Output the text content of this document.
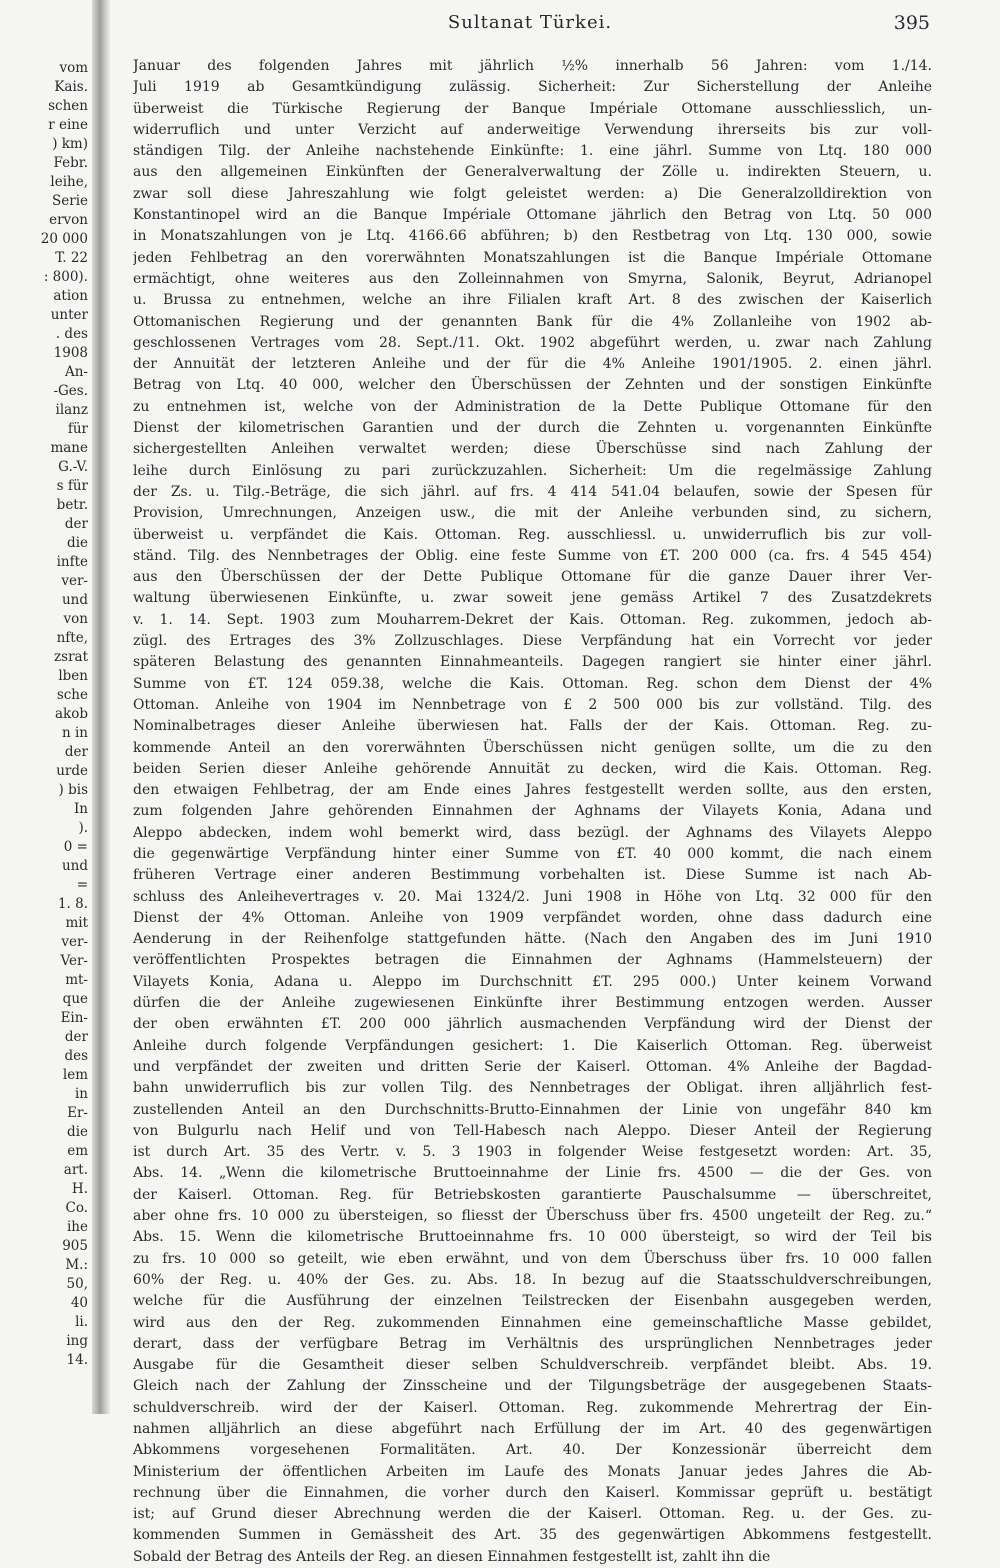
vom
Kais.
schen
r eine
) km)
Febr.
leihe,
Serie
ervon
20 000
T. 22
: 800).
ation
unter
. des
1908
An-
-Ges.
ilanz
für
mane
G.-V.
s für
betr.
der
die
infte
ver-
und
von
nfte,
zsrat
lben
sche
akob
n in
der
urde
) bis
In
).
0 =
und
=
1. 8.
mit
ver-
Ver-
mt-
que
Ein-
der
des
lem
in
Er-
die
em
art.
H.
Co.
ihe
905
M.:
50,
40
li.
ing
14.
Sultanat Türkei.	395
Januar des folgenden Jahres mit jährlich ½% innerhalb 56 Jahren: vom 1./14.
Juli 1919 ab Gesamtkündigung zulässig. Sicherheit: Zur Sicherstellung der Anleihe
überweist die Türkische Regierung der Banque Impériale Ottomane ausschliesslich, un-
widerruflich und unter Verzicht auf anderweitige Verwendung ihrerseits bis zur voll-
ständigen Tilg. der Anleihe nachstehende Einkünfte: 1. eine jährl. Summe von Ltq. 180 000
aus den allgemeinen Einkünften der Generalverwaltung der Zölle u. indirekten Steuern, u.
zwar soll diese Jahreszahlung wie folgt geleistet werden: a) Die Generalzolldirektion von
Konstantinopel wird an die Banque Impériale Ottomane jährlich den Betrag von Ltq. 50 000
in Monatszahlungen von je Ltq. 4166.66 abführen; b) den Restbetrag von Ltq. 130 000, sowie
jeden Fehlbetrag an den vorerwähnten Monatszahlungen ist die Banque Impériale Ottomane
ermächtigt, ohne weiteres aus den Zolleinnahmen von Smyrna, Salonik, Beyrut, Adrianopel
u. Brussa zu entnehmen, welche an ihre Filialen kraft Art. 8 des zwischen der Kaiserlich
Ottomanischen Regierung und der genannten Bank für die 4% Zollanleihe von 1902 ab-
geschlossenen Vertrages vom 28. Sept./11. Okt. 1902 abgeführt werden, u. zwar nach Zahlung
der Annuität der letzteren Anleihe und der für die 4% Anleihe 1901/1905. 2. einen jährl.
Betrag von Ltq. 40 000, welcher den Überschüssen der Zehnten und der sonstigen Einkünfte
zu entnehmen ist, welche von der Administration de la Dette Publique Ottomane für den
Dienst der kilometrischen Garantien und der durch die Zehnten u. vorgenannten Einkünfte
sichergestellten Anleihen verwaltet werden; diese Überschüsse sind nach Zahlung der
leihe durch Einlösung zu pari zurückzuzahlen. Sicherheit: Um die regelmässige Zahlung
der Zs. u. Tilg.-Beträge, die sich jährl. auf frs. 4 414 541.04 belaufen, sowie der Spesen für
Provision, Umrechnungen, Anzeigen usw., die mit der Anleihe verbunden sind, zu sichern,
überweist u. verpfändet die Kais. Ottoman. Reg. ausschliessl. u. unwiderruflich bis zur voll-
ständ. Tilg. des Nennbetrages der Oblig. eine feste Summe von £T. 200 000 (ca. frs. 4 545 454)
aus den Überschüssen der der Dette Publique Ottomane für die ganze Dauer ihrer Ver-
waltung überwiesenen Einkünfte, u. zwar soweit jene gemäss Artikel 7 des Zusatzdekrets
v. 1. 14. Sept. 1903 zum Mouharrem-Dekret der Kais. Ottoman. Reg. zukommen, jedoch ab-
zügl. des Ertrages des 3% Zollzuschlages. Diese Verpfändung hat ein Vorrecht vor jeder
späteren Belastung des genannten Einnahmeanteils. Dagegen rangiert sie hinter einer jährl.
Summe von £T. 124 059.38, welche die Kais. Ottoman. Reg. schon dem Dienst der 4%
Ottoman. Anleihe von 1904 im Nennbetrage von £ 2 500 000 bis zur vollständ. Tilg. des
Nominalbetrages dieser Anleihe überwiesen hat. Falls der der Kais. Ottoman. Reg. zu-
kommende Anteil an den vorerwähnten Überschüssen nicht genügen sollte, um die zu den
beiden Serien dieser Anleihe gehörende Annuität zu decken, wird die Kais. Ottoman. Reg.
den etwaigen Fehlbetrag, der am Ende eines Jahres festgestellt werden sollte, aus den ersten,
zum folgenden Jahre gehörenden Einnahmen der Aghnams der Vilayets Konia, Adana und
Aleppo abdecken, indem wohl bemerkt wird, dass bezügl. der Aghnams des Vilayets Aleppo
die gegenwärtige Verpfändung hinter einer Summe von £T. 40 000 kommt, die nach einem
früheren Vertrage einer anderen Bestimmung vorbehalten ist. Diese Summe ist nach Ab-
schluss des Anleihevertrages v. 20. Mai 1324/2. Juni 1908 in Höhe von Ltq. 32 000 für den
Dienst der 4% Ottoman. Anleihe von 1909 verpfändet worden, ohne dass dadurch eine
Aenderung in der Reihenfolge stattgefunden hätte. (Nach den Angaben des im Juni 1910
veröffentlichten Prospektes betragen die Einnahmen der Aghnams (Hammelsteuern) der
Vilayets Konia, Adana u. Aleppo im Durchschnitt £T. 295 000.) Unter keinem Vorwand
dürfen die der Anleihe zugewiesenen Einkünfte ihrer Bestimmung entzogen werden. Ausser
der oben erwähnten £T. 200 000 jährlich ausmachenden Verpfändung wird der Dienst der
Anleihe durch folgende Verpfändungen gesichert: 1. Die Kaiserlich Ottoman. Reg. überweist
und verpfändet der zweiten und dritten Serie der Kaiserl. Ottoman. 4% Anleihe der Bagdad-
bahn unwiderruflich bis zur vollen Tilg. des Nennbetrages der Obligat. ihren alljährlich fest-
zustellenden Anteil an den Durchschnitts-Brutto-Einnahmen der Linie von ungefähr 840 km
von Bulgurlu nach Helif und von Tell-Habesch nach Aleppo. Dieser Anteil der Regierung
ist durch Art. 35 des Vertr. v. 5. 3 1903 in folgender Weise festgesetzt worden: Art. 35,
Abs. 14. „Wenn die kilometrische Bruttoeinnahme der Linie frs. 4500 — die der Ges. von
der Kaiserl. Ottoman. Reg. für Betriebskosten garantierte Pauschalsumme — überschreitet,
aber ohne frs. 10 000 zu übersteigen, so fliesst der Überschuss über frs. 4500 ungeteilt der Reg. zu.“
Abs. 15. Wenn die kilometrische Bruttoeinnahme frs. 10 000 übersteigt, so wird der Teil bis
zu frs. 10 000 so geteilt, wie eben erwähnt, und von dem Überschuss über frs. 10 000 fallen
60% der Reg. u. 40% der Ges. zu. Abs. 18. In bezug auf die Staatsschuldverschreibungen,
welche für die Ausführung der einzelnen Teilstrecken der Eisenbahn ausgegeben werden,
wird aus den der Reg. zukommenden Einnahmen eine gemeinschaftliche Masse gebildet,
derart, dass der verfügbare Betrag im Verhältnis des ursprünglichen Nennbetrages jeder
Ausgabe für die Gesamtheit dieser selben Schuldverschreib. verpfändet bleibt. Abs. 19.
Gleich nach der Zahlung der Zinsscheine und der Tilgungsbeträge der ausgegebenen Staats-
schuldverschreib. wird der der Kaiserl. Ottoman. Reg. zukommende Mehrertrag der Ein-
nahmen alljährlich an diese abgeführt nach Erfüllung der im Art. 40 des gegenwärtigen
Abkommens vorgesehenen Formalitäten. Art. 40. Der Konzessionär überreicht dem
Ministerium der öffentlichen Arbeiten im Laufe des Monats Januar jedes Jahres die Ab-
rechnung über die Einnahmen, die vorher durch den Kaiserl. Kommissar geprüft u. bestätigt
ist; auf Grund dieser Abrechnung werden die der Kaiserl. Ottoman. Reg. u. der Ges. zu-
kommenden Summen in Gemässheit des Art. 35 des gegenwärtigen Abkommens festgestellt.
Sobald der Betrag des Anteils der Reg. an diesen Einnahmen festgestellt ist, zahlt ihn die
